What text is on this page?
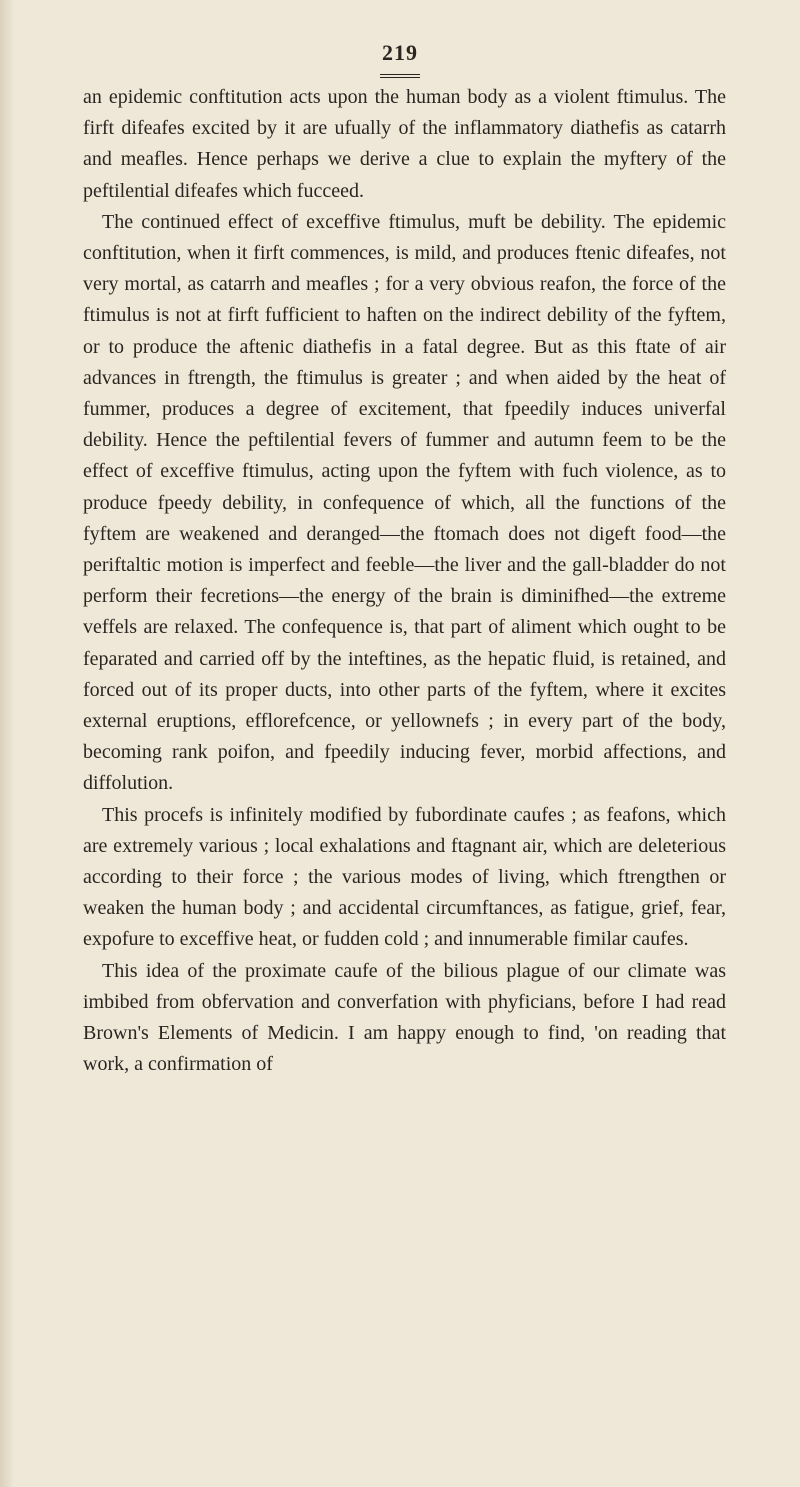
219

an epidemic conftitution acts upon the human body as a violent ftimulus. The firft difeafes excited by it are ufually of the inflammatory diathefis as catarrh and meafles. Hence perhaps we derive a clue to explain the myftery of the peftilential difeafes which fucceed.

The continued effect of exceffive ftimulus, muft be debility. The epidemic conftitution, when it firft commences, is mild, and produces ftenic difeafes, not very mortal, as catarrh and meafles ; for a very obvious reafon, the force of the ftimulus is not at firft fufficient to haften on the indirect debility of the fyftem, or to produce the aftenic diathefis in a fatal degree. But as this ftate of air advances in ftrength, the ftimulus is greater ; and when aided by the heat of fummer, produces a degree of excitement, that fpeedily induces univerfal debility. Hence the peftilential fevers of fummer and autumn feem to be the effect of exceffive ftimulus, acting upon the fyftem with fuch violence, as to produce fpeedy debility, in confequence of which, all the functions of the fyftem are weakened and deranged—the ftomach does not digeft food—the periftaltic motion is imperfect and feeble—the liver and the gall-bladder do not perform their fecretions—the energy of the brain is diminifhed—the extreme veffels are relaxed. The confequence is, that part of aliment which ought to be feparated and carried off by the inteftines, as the hepatic fluid, is retained, and forced out of its proper ducts, into other parts of the fyftem, where it excites external eruptions, efflorefcence, or yellownefs ; in every part of the body, becoming rank poifon, and fpeedily inducing fever, morbid affections, and diffolution.

This procefs is infinitely modified by fubordinate caufes ; as feafons, which are extremely various ; local exhalations and ftagnant air, which are deleterious according to their force ; the various modes of living, which ftrengthen or weaken the human body ; and accidental circumftances, as fatigue, grief, fear, expofure to exceffive heat, or fudden cold ; and innumerable fimilar caufes.

This idea of the proximate caufe of the bilious plague of our climate was imbibed from obfervation and converfation with phyficians, before I had read Brown's Elements of Medicin. I am happy enough to find, 'on reading that work, a confirmation of
